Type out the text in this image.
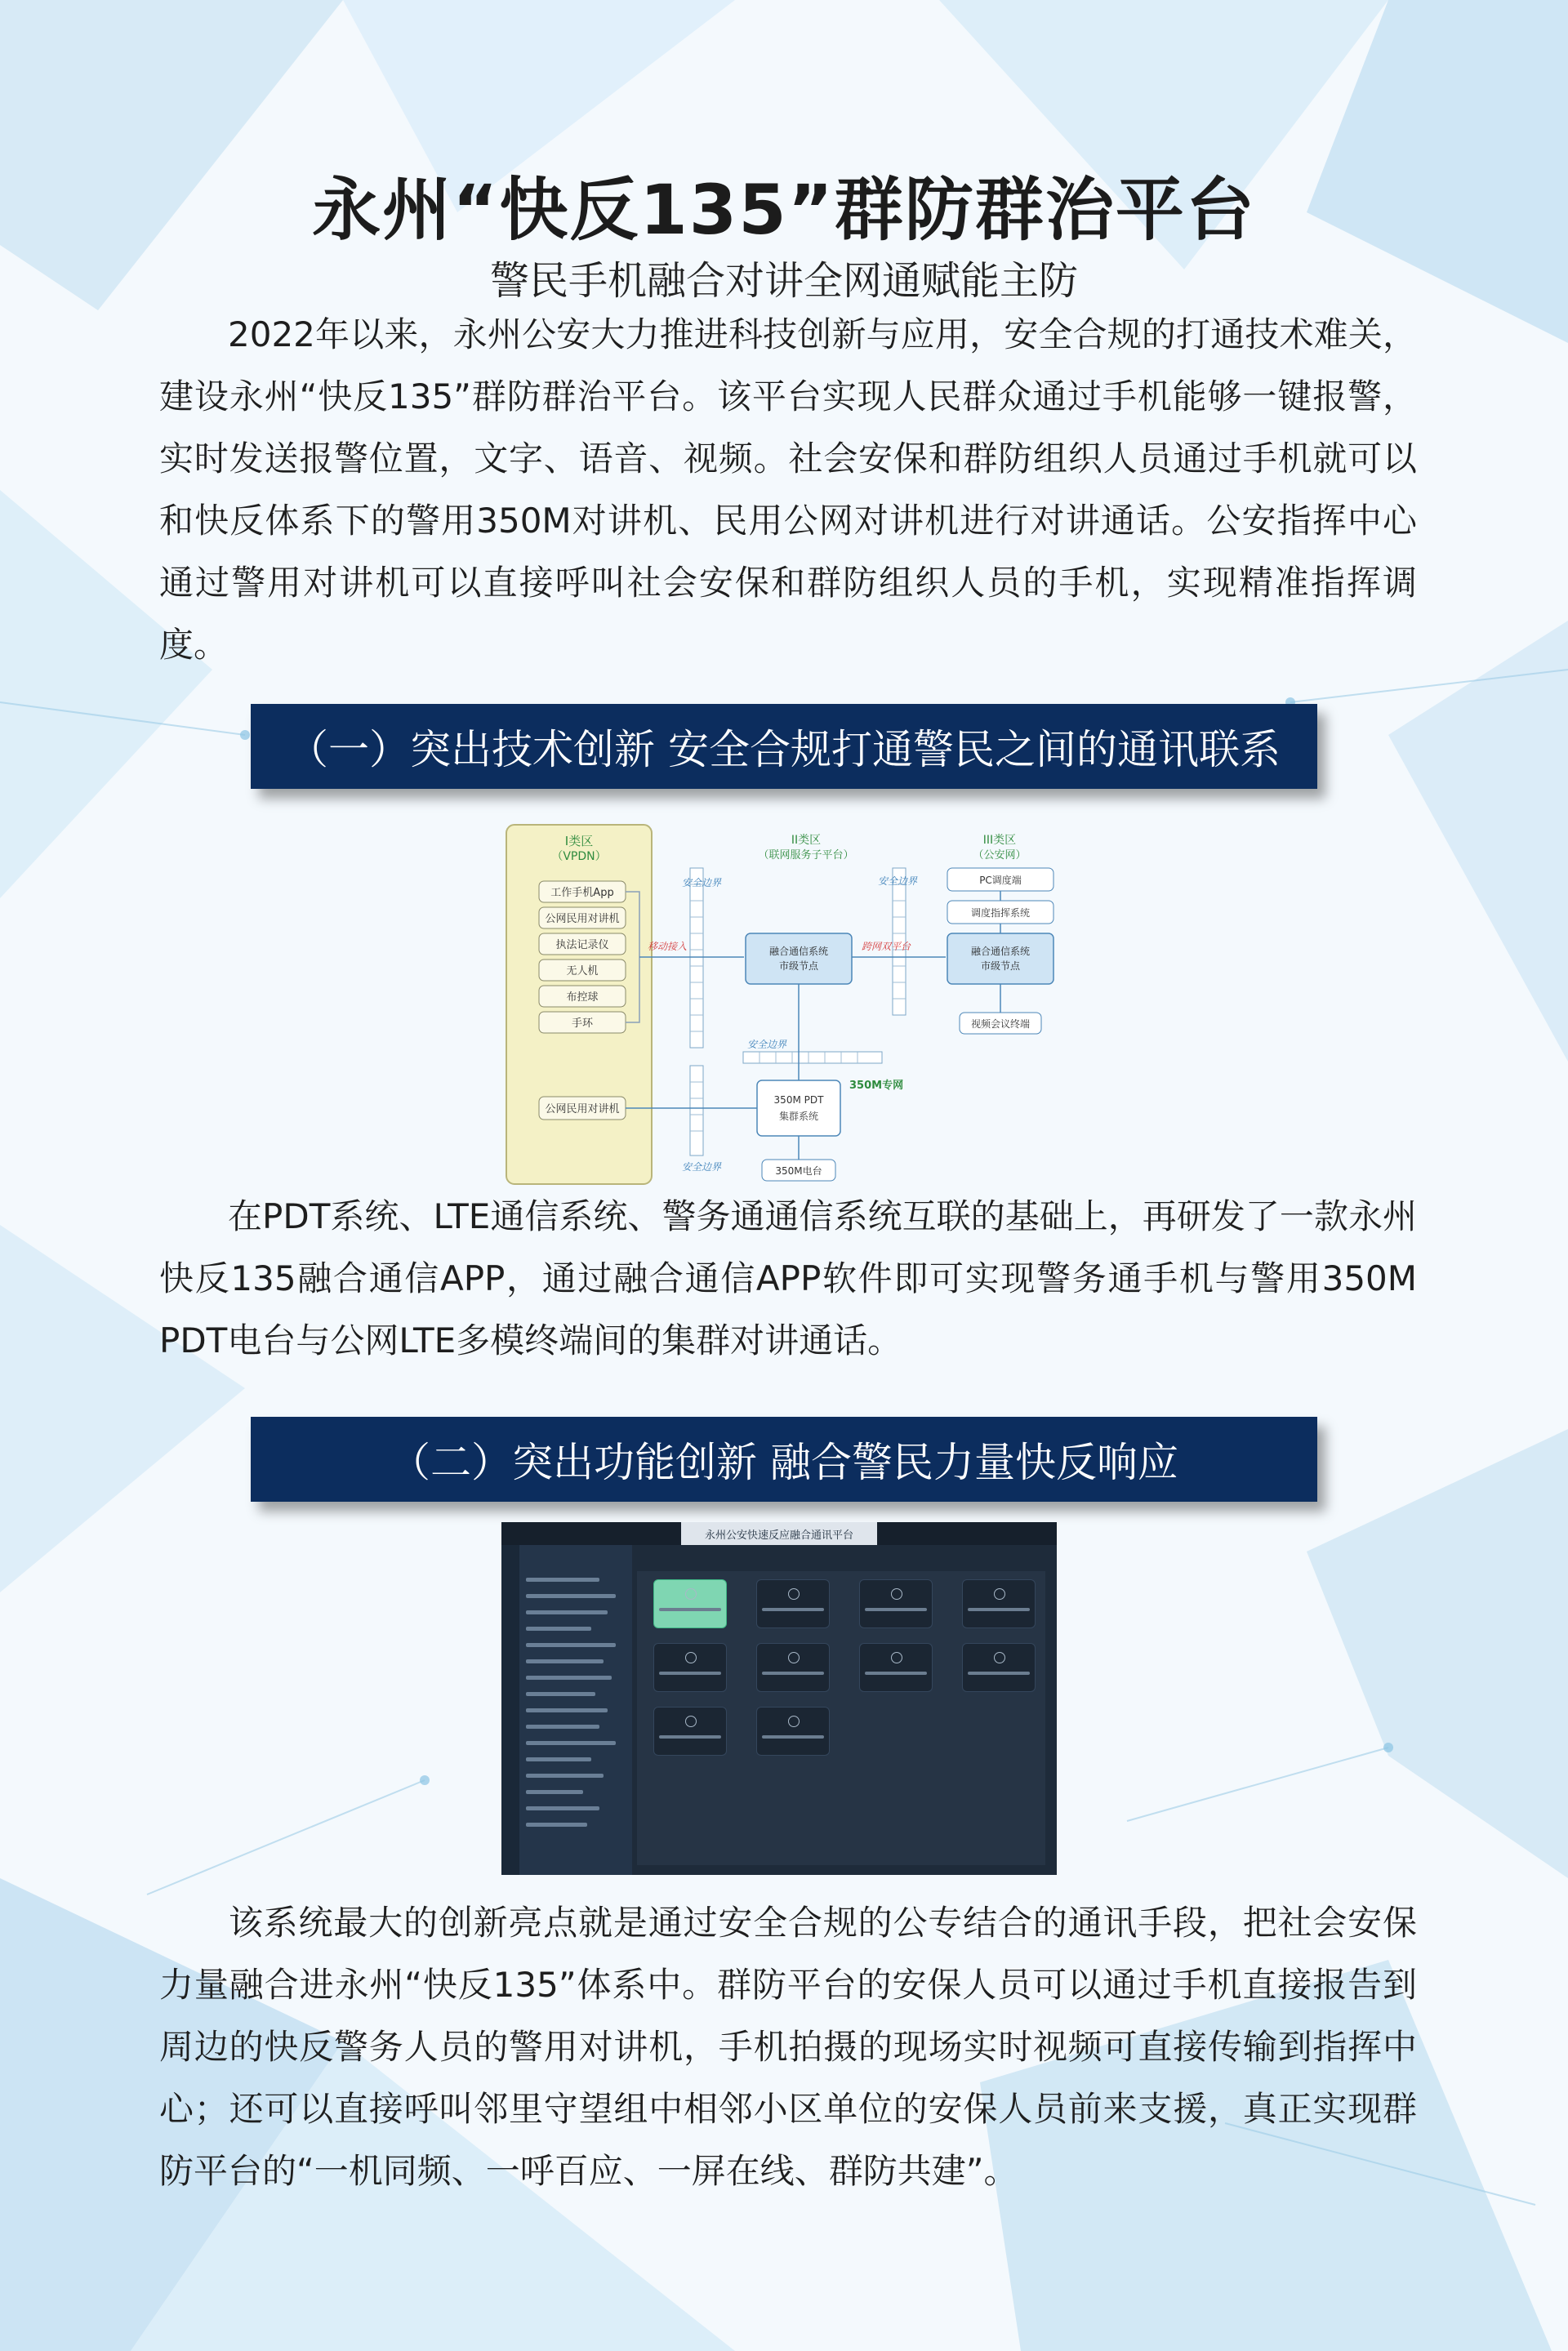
永州“快反135”群防群治平台
警民手机融合对讲全网通赋能主防

2022年以来，永州公安大力推进科技创新与应用，安全合规的打通技术难关，建设永州“快反135”群防群治平台。该平台实现人民群众通过手机能够一键报警，实时发送报警位置，文字、语音、视频。社会安保和群防组织人员通过手机就可以和快反体系下的警用350M对讲机、民用公网对讲机进行对讲通话。公安指挥中心通过警用对讲机可以直接呼叫社会安保和群防组织人员的手机，实现精准指挥调度。

（一）突出技术创新 安全合规打通警民之间的通讯联系
I类区
（VPDN）
工作手机App
公网民用对讲机
执法记录仪
无人机
布控球
手环
公网民用对讲机
安全边界
安全边界
安全边界
安全边界
II类区
（联网服务子平台）
融合通信系统
市级节点
III类区
（公安网）
PC调度端
调度指挥系统
融合通信系统
市级节点
视频会议终端
移动接入	跨网双平台
350M PDT
集群系统
350M专网
350M电台

在PDT系统、LTE通信系统、警务通通信系统互联的基础上，再研发了一款永州快反135融合通信APP，通过融合通信APP软件即可实现警务通手机与警用350M PDT电台与公网LTE多模终端间的集群对讲通话。

（二）突出功能创新 融合警民力量快反响应
永州公安快速反应融合通讯平台

该系统最大的创新亮点就是通过安全合规的公专结合的通讯手段，把社会安保力量融合进永州“快反135”体系中。群防平台的安保人员可以通过手机直接报告到周边的快反警务人员的警用对讲机，手机拍摄的现场实时视频可直接传输到指挥中心；还可以直接呼叫邻里守望组中相邻小区单位的安保人员前来支援，真正实现群防平台的“一机同频、一呼百应、一屏在线、群防共建”。
